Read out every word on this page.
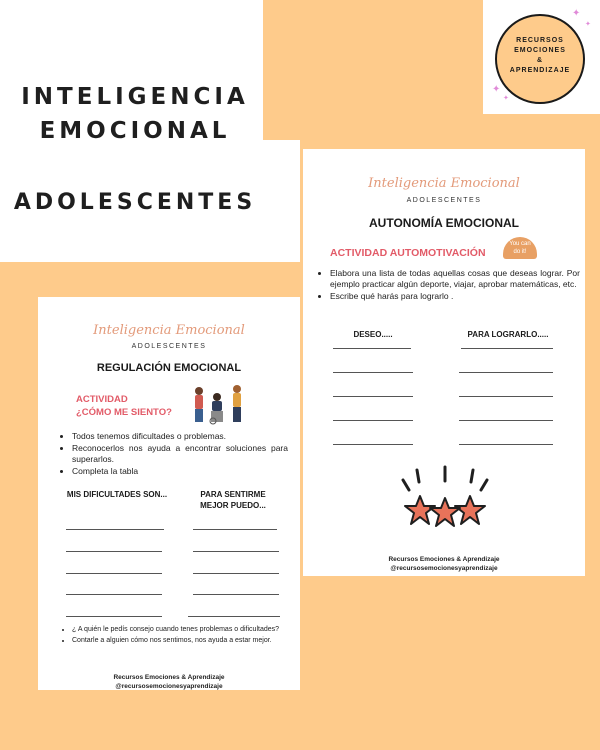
INTELIGENCIA
EMOCIONAL
ADOLESCENTES
RECURSOS
EMOCIONES
&
APRENDIZAJE
✦
✦
✦
✦
Inteligencia Emocional
ADOLESCENTES
AUTONOMÍA EMOCIONAL
ACTIVIDAD AUTOMOTIVACIÓN
You can
do it!
• Elabora una lista de todas aquellas cosas que deseas lograr. Por ejemplo practicar algún deporte, viajar, aprobar matemáticas, etc.
• Escribe qué harás para lograrlo .
DESEO.....	PARA LOGRARLO.....
Recursos Emociones & Aprendizaje
@recursosemocionesyaprendizaje
Inteligencia Emocional
ADOLESCENTES
REGULACIÓN EMOCIONAL
ACTIVIDAD
¿CÓMO ME SIENTO?
• Todos tenemos dificultades o problemas.
• Reconocerlos nos ayuda a encontrar soluciones para superarlos.
• Completa la tabla
MIS DIFICULTADES SON...	PARA SENTIRME
MEJOR PUEDO...
• ¿ A quién le pedís consejo cuando tenes problemas o dificultades?
• Contarle a alguien cómo nos sentimos, nos ayuda a estar mejor.
Recursos Emociones & Aprendizaje
@recursosemocionesyaprendizaje
